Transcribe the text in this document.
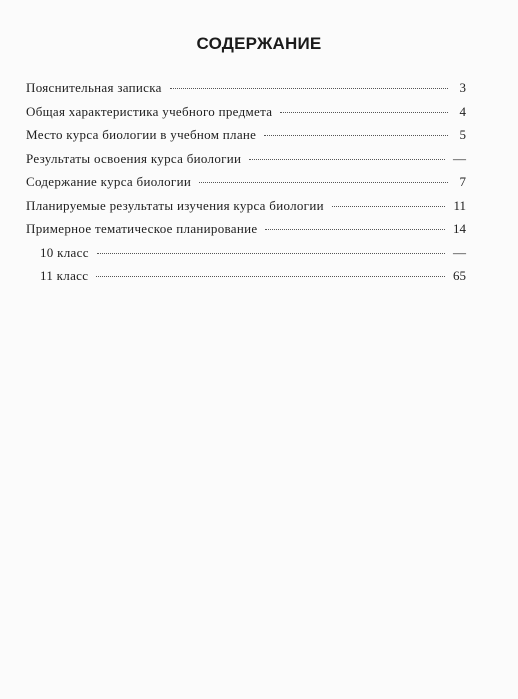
СОДЕРЖАНИЕ
Пояснительная записка	3
Общая характеристика учебного предмета	4
Место курса биологии в учебном плане	5
Результаты освоения курса биологии	—
Содержание курса биологии	7
Планируемые результаты изучения курса биологии	11
Примерное тематическое планирование	14
10 класс	—
11 класс	65
